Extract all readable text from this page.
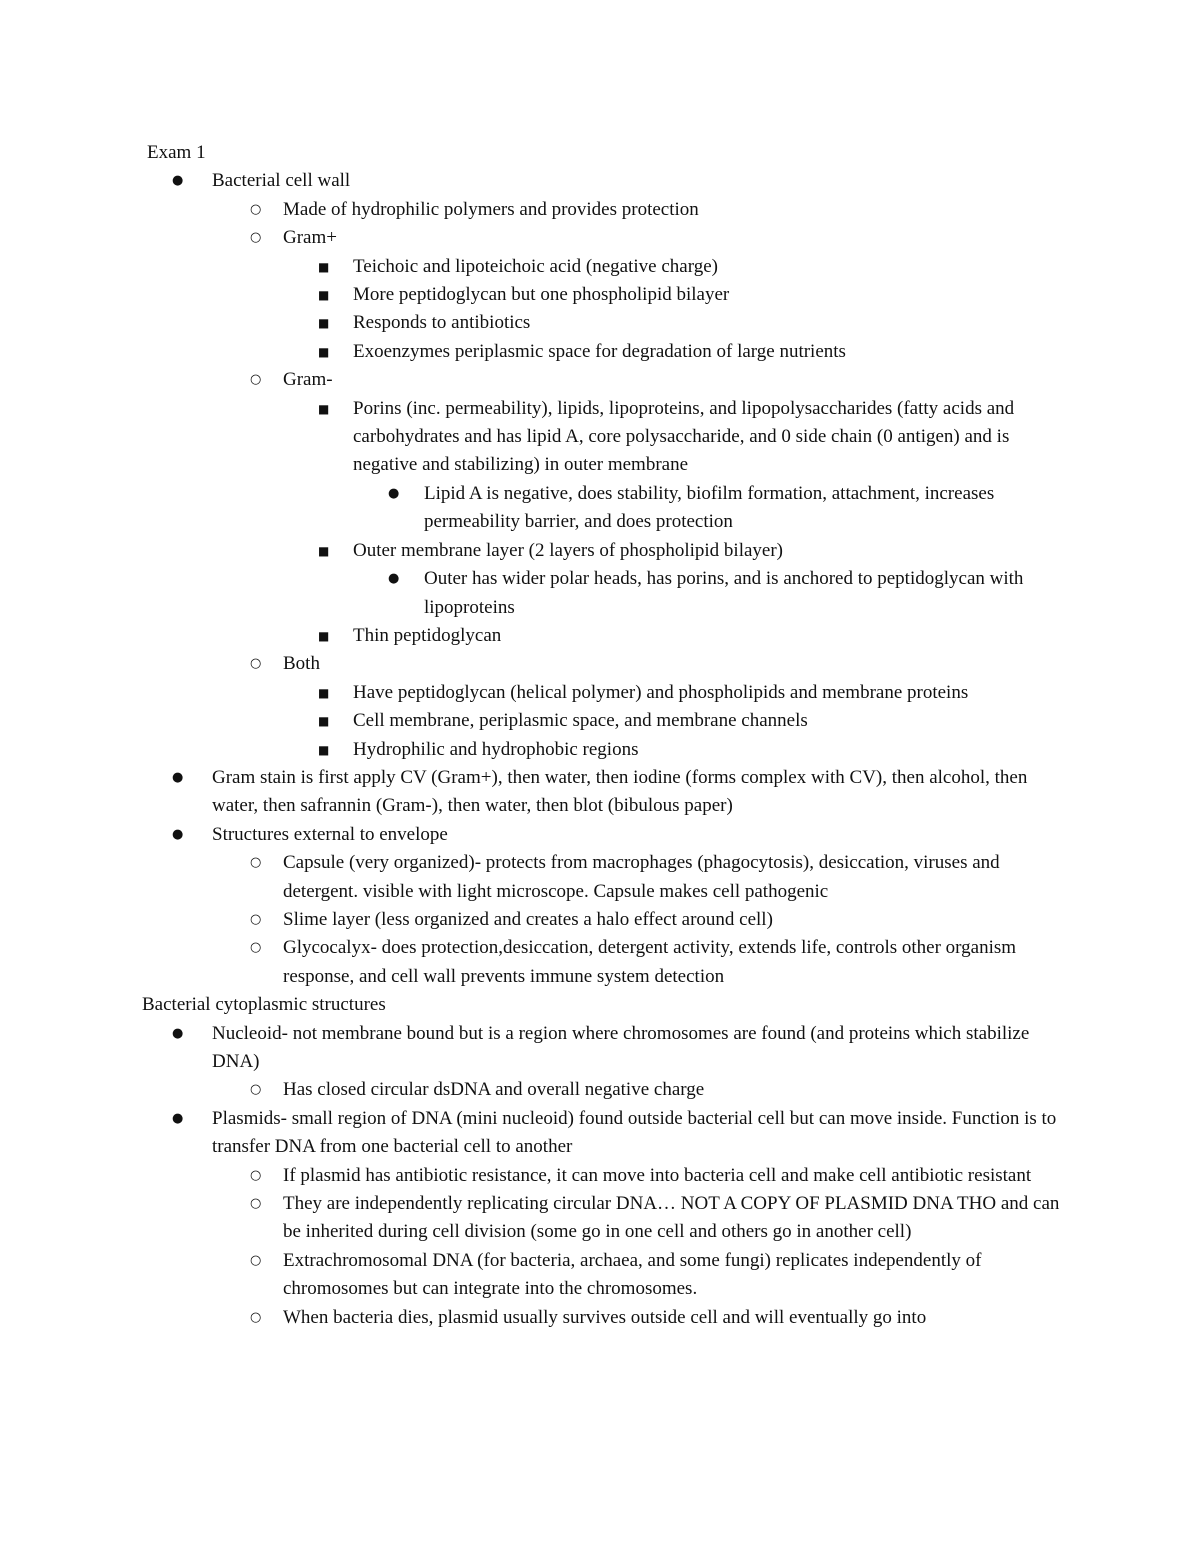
Exam 1
● Bacterial cell wall
○ Made of hydrophilic polymers and provides protection
○ Gram+
■ Teichoic and lipoteichoic acid (negative charge)
■ More peptidoglycan but one phospholipid bilayer
■ Responds to antibiotics
■ Exoenzymes periplasmic space for degradation of large nutrients
○ Gram-
■ Porins (inc. permeability), lipids, lipoproteins, and lipopolysaccharides (fatty acids and carbohydrates and has lipid A, core polysaccharide, and 0 side chain (0 antigen) and is negative and stabilizing) in outer membrane
● Lipid A is negative, does stability, biofilm formation, attachment, increases permeability barrier, and does protection
■ Outer membrane layer (2 layers of phospholipid bilayer)
● Outer has wider polar heads, has porins, and is anchored to peptidoglycan with lipoproteins
■ Thin peptidoglycan
○ Both
■ Have peptidoglycan (helical polymer) and phospholipids and membrane proteins
■ Cell membrane, periplasmic space, and membrane channels
■ Hydrophilic and hydrophobic regions
● Gram stain is first apply CV (Gram+), then water, then iodine (forms complex with CV), then alcohol, then water, then safrannin (Gram-), then water, then blot (bibulous paper)
● Structures external to envelope
○ Capsule (very organized)- protects from macrophages (phagocytosis), desiccation, viruses and detergent. visible with light microscope. Capsule makes cell pathogenic
○ Slime layer (less organized and creates a halo effect around cell)
○ Glycocalyx- does protection,desiccation, detergent activity, extends life, controls other organism response, and cell wall prevents immune system detection
Bacterial cytoplasmic structures
● Nucleoid- not membrane bound but is a region where chromosomes are found (and proteins which stabilize DNA)
○ Has closed circular dsDNA and overall negative charge
● Plasmids- small region of DNA (mini nucleoid) found outside bacterial cell but can move inside. Function is to transfer DNA from one bacterial cell to another
○ If plasmid has antibiotic resistance, it can move into bacteria cell and make cell antibiotic resistant
○ They are independently replicating circular DNA… NOT A COPY OF PLASMID DNA THO and can be inherited during cell division (some go in one cell and others go in another cell)
○ Extrachromosomal DNA (for bacteria, archaea, and some fungi) replicates independently of chromosomes but can integrate into the chromosomes.
○ When bacteria dies, plasmid usually survives outside cell and will eventually go into
